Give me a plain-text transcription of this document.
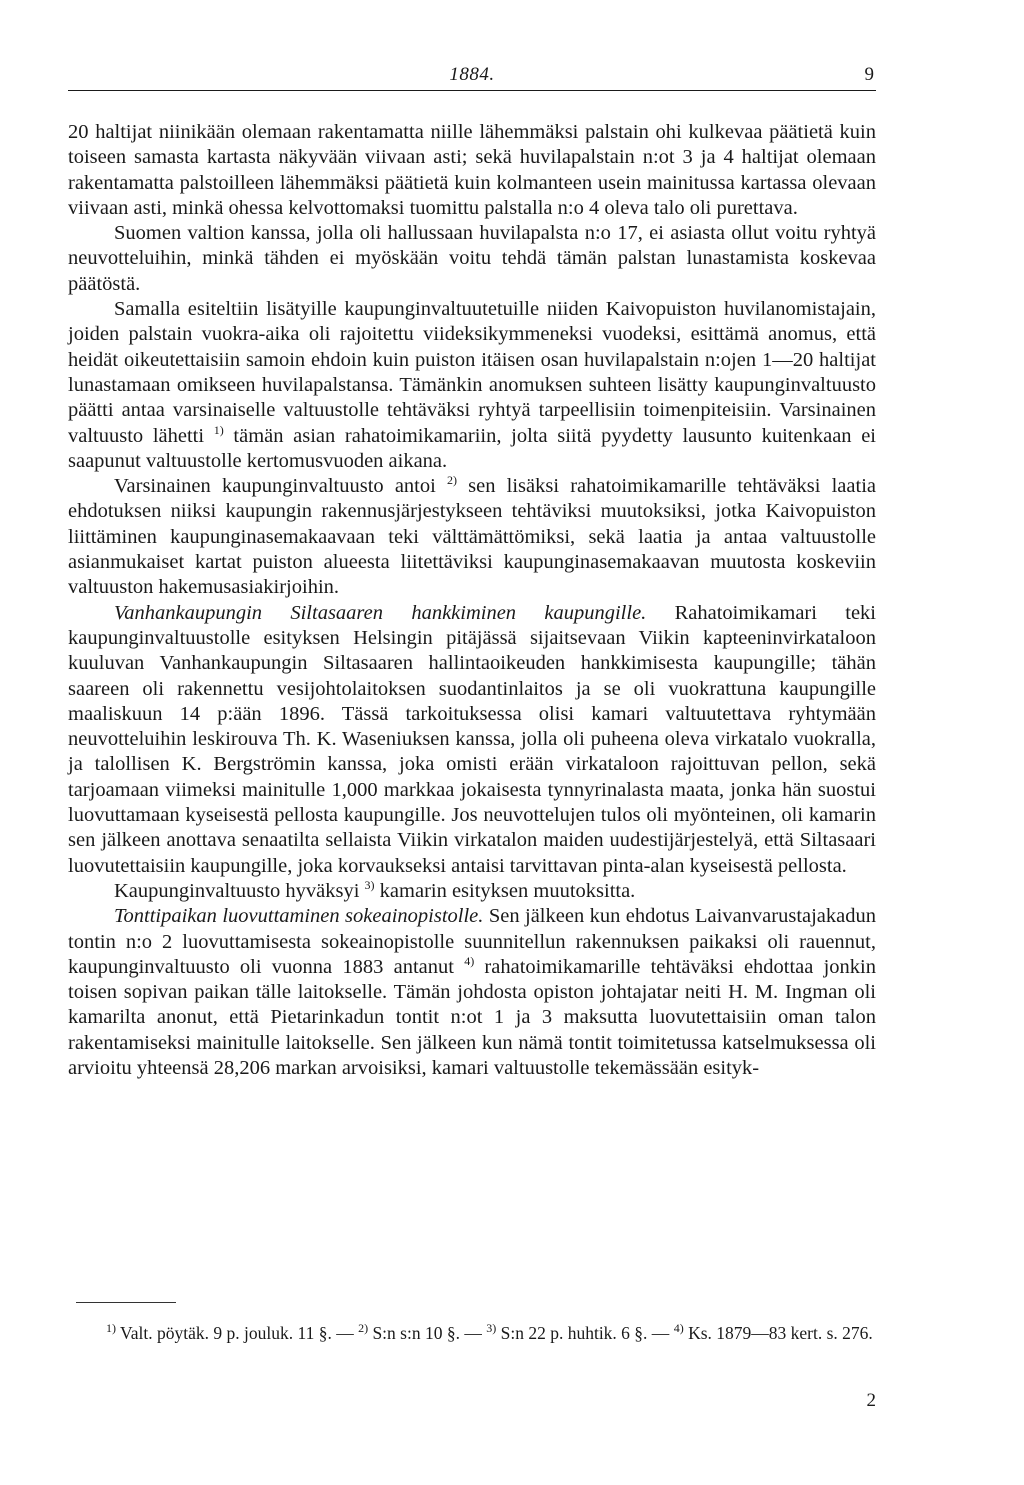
1884.	9

20 haltijat niinikään olemaan rakentamatta niille lähemmäksi palstain ohi kulkevaa päätietä kuin toiseen samasta kartasta näkyvään viivaan asti; sekä huvilapalstain n:ot 3 ja 4 haltijat olemaan rakentamatta palstoilleen lähemmäksi päätietä kuin kolmanteen usein mainitussa kartassa olevaan viivaan asti, minkä ohessa kelvottomaksi tuomittu palstalla n:o 4 oleva talo oli purettava.

Suomen valtion kanssa, jolla oli hallussaan huvilapalsta n:o 17, ei asiasta ollut voitu ryhtyä neuvotteluihin, minkä tähden ei myöskään voitu tehdä tämän palstan lunastamista koskevaa päätöstä.

Samalla esiteltiin lisätyille kaupunginvaltuutetuille niiden Kaivopuiston huvilanomistajain, joiden palstain vuokra-aika oli rajoitettu viideksikymmeneksi vuodeksi, esittämä anomus, että heidät oikeutettaisiin samoin ehdoin kuin puiston itäisen osan huvilapalstain n:ojen 1—20 haltijat lunastamaan omikseen huvilapalstansa. Tämänkin anomuksen suhteen lisätty kaupunginvaltuusto päätti antaa varsinaiselle valtuustolle tehtäväksi ryhtyä tarpeellisiin toimenpiteisiin. Varsinainen valtuusto lähetti $^{1)}$ tämän asian rahatoimikamariin, jolta siitä pyydetty lausunto kuitenkaan ei saapunut valtuustolle kertomusvuoden aikana.

Varsinainen kaupunginvaltuusto antoi $^{2)}$ sen lisäksi rahatoimikamarille tehtäväksi laatia ehdotuksen niiksi kaupungin rakennusjärjestykseen tehtäviksi muutoksiksi, jotka Kaivopuiston liittäminen kaupunginasemakaavaan teki välttämättömiksi, sekä laatia ja antaa valtuustolle asianmukaiset kartat puiston alueesta liitettäviksi kaupunginasemakaavan muutosta koskeviin valtuuston hakemusasiakirjoihin.

Vanhankaupungin Siltasaaren hankkiminen kaupungille. Rahatoimikamari teki kaupunginvaltuustolle esityksen Helsingin pitäjässä sijaitsevaan Viikin kapteeninvirkataloon kuuluvan Vanhankaupungin Siltasaaren hallintaoikeuden hankkimisesta kaupungille; tähän saareen oli rakennettu vesijohtolaitoksen suodantinlaitos ja se oli vuokrattuna kaupungille maaliskuun 14 p:ään 1896. Tässä tarkoituksessa olisi kamari valtuutettava ryhtymään neuvotteluihin leskirouva Th. K. Waseniuksen kanssa, jolla oli puheena oleva virkatalo vuokralla, ja talollisen K. Bergströmin kanssa, joka omisti erään virkataloon rajoittuvan pellon, sekä tarjoamaan viimeksi mainitulle 1,000 markkaa jokaisesta tynnyrinalasta maata, jonka hän suostui luovuttamaan kyseisestä pellosta kaupungille. Jos neuvottelujen tulos oli myönteinen, oli kamarin sen jälkeen anottava senaatilta sellaista Viikin virkatalon maiden uudestijärjestelyä, että Siltasaari luovutettaisiin kaupungille, joka korvaukseksi antaisi tarvittavan pinta-alan kyseisestä pellosta.

Kaupunginvaltuusto hyväksyi $^{3)}$ kamarin esityksen muutoksitta.

Tonttipaikan luovuttaminen sokeainopistolle. Sen jälkeen kun ehdotus Laivanvarustajakadun tontin n:o 2 luovuttamisesta sokeainopistolle suunnitellun rakennuksen paikaksi oli rauennut, kaupunginvaltuusto oli vuonna 1883 antanut $^{4)}$ rahatoimikamarille tehtäväksi ehdottaa jonkin toisen sopivan paikan tälle laitokselle. Tämän johdosta opiston johtajatar neiti H. M. Ingman oli kamarilta anonut, että Pietarinkadun tontit n:ot 1 ja 3 maksutta luovutettaisiin oman talon rakentamiseksi mainitulle laitokselle. Sen jälkeen kun nämä tontit toimitetussa katselmuksessa oli arvioitu yhteensä 28,206 markan arvoisiksi, kamari valtuustolle tekemässään esityk-

$^{1)}$ Valt. pöytäk. 9 p. jouluk. 11 §. — $^{2)}$ S:n s:n 10 §. — $^{3)}$ S:n 22 p. huhtik. 6 §. — $^{4)}$ Ks. 1879—83 kert. s. 276.

2
